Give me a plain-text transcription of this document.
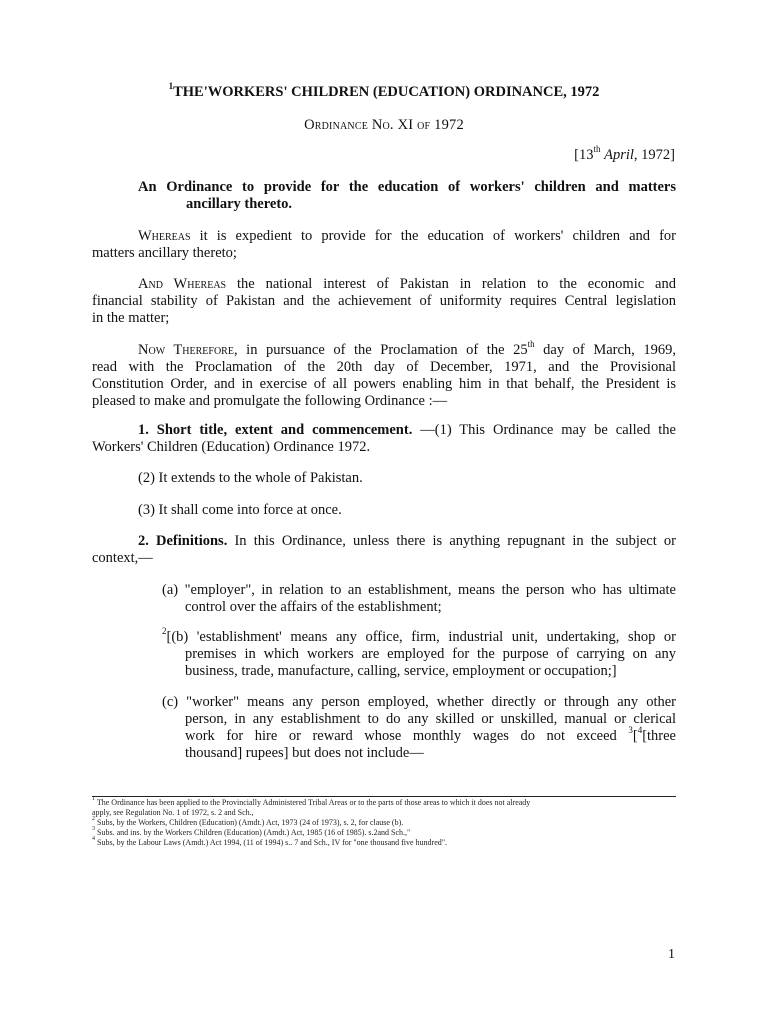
$^1$THE'WORKERS' CHILDREN (EDUCATION) ORDINANCE, 1972
Ordinance No. XI of 1972
[13th April, 1972]
An Ordinance to provide for the education of workers' children and matters
ancillary thereto.
Whereas it is expedient to provide for the education of workers' children and for
matters ancillary thereto;
And Whereas the national interest of Pakistan in relation to the economic and
financial stability of Pakistan and the achievement of uniformity requires Central legislation
in the matter;
Now Therefore, in pursuance of the Proclamation of the 25th day of March, 1969,
read with the Proclamation of the 20th day of December, 1971, and the Provisional
Constitution Order, and in exercise of all powers enabling him in that behalf, the President is
pleased to make and promulgate the following Ordinance :—
1. Short title, extent and commencement. —(1) This Ordinance may be called the
Workers' Children (Education) Ordinance 1972.
(2) It extends to the whole of Pakistan.
(3) It shall come into force at once.
2. Definitions. In this Ordinance, unless there is anything repugnant in the subject or
context,—
(a) "employer", in relation to an establishment, means the person who has ultimate
control over the affairs of the establishment;
$^2$[(b) 'establishment' means any office, firm, industrial unit, undertaking, shop or
premises in which workers are employed for the purpose of carrying on any
business, trade, manufacture, calling, service, employment or occupation;]
(c) "worker" means any person employed, whether directly or through any other
person, in any establishment to do any skilled or unskilled, manual or clerical
work for hire or reward whose monthly wages do not exceed $^3$[$^4$[three
thousand] rupees] but does not include—
$^1$ The Ordinance has been applied to the Provincially Administered Tribal Areas or to the parts of those areas to which it does not already
apply, see Regulation No. 1 of 1972, s. 2 and Sch.,
$^2$ Subs, by the Workers, Children (Education) (Amdt.) Act, 1973 (24 of 1973), s. 2, for clause (b).
$^3$ Subs. and ins. by the Workers Children (Education) (Amdt.) Act, 1985 (16 of 1985). s.2and Sch.,"
$^4$ Subs, by the Labour Laws (Amdt.) Act 1994, (11 of 1994) s.. 7 and Sch., IV for "one thousand five hundred".
1
